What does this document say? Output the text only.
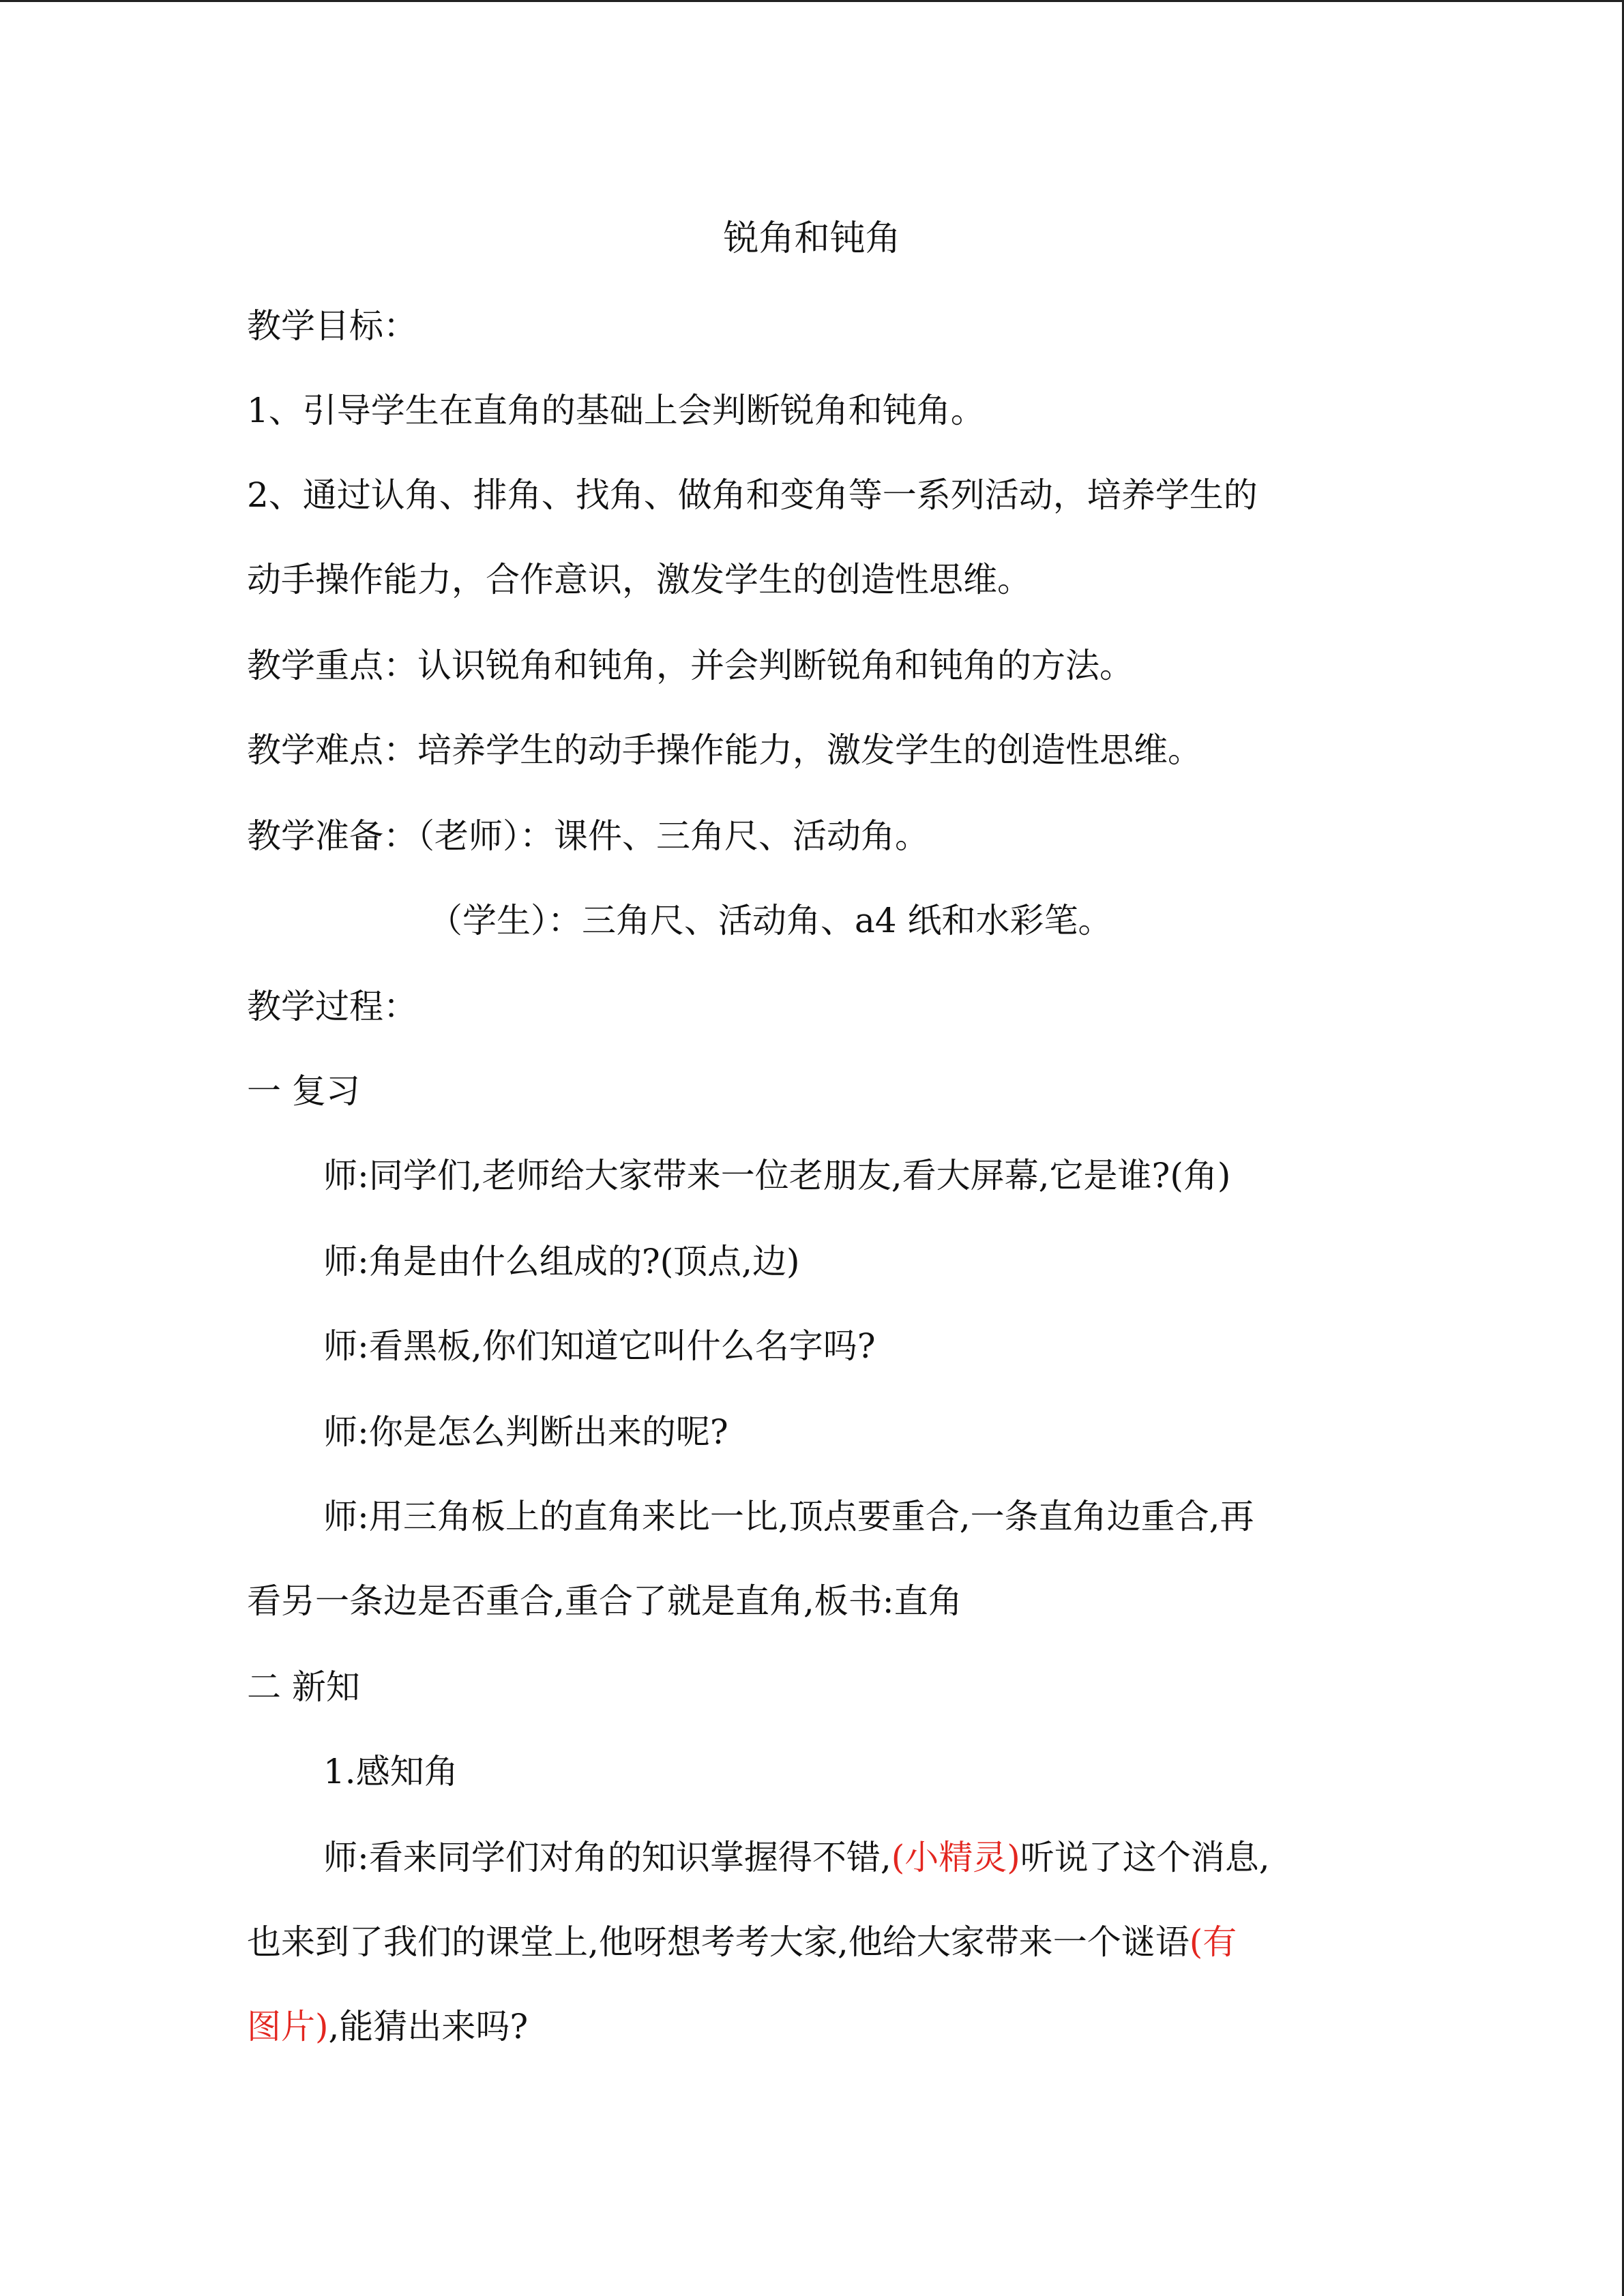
锐角和钝角
教学目标：
1、引导学生在直角的基础上会判断锐角和钝角。
2、通过认角、排角、找角、做角和变角等一系列活动，培养学生的
动手操作能力，合作意识，激发学生的创造性思维。
教学重点：认识锐角和钝角，并会判断锐角和钝角的方法。
教学难点：培养学生的动手操作能力，激发学生的创造性思维。
教学准备：（老师）：课件、三角尺、活动角。
（学生）：三角尺、活动角、a4 纸和水彩笔。
教学过程：
一 复习
师:同学们,老师给大家带来一位老朋友,看大屏幕,它是谁?(角)
师:角是由什么组成的?(顶点,边)
师:看黑板,你们知道它叫什么名字吗?
师:你是怎么判断出来的呢?
师:用三角板上的直角来比一比,顶点要重合,一条直角边重合,再
看另一条边是否重合,重合了就是直角,板书:直角
二 新知
1.感知角
师:看来同学们对角的知识掌握得不错,(小精灵)听说了这个消息,
也来到了我们的课堂上,他呀想考考大家,他给大家带来一个谜语(有
图片),能猜出来吗?
